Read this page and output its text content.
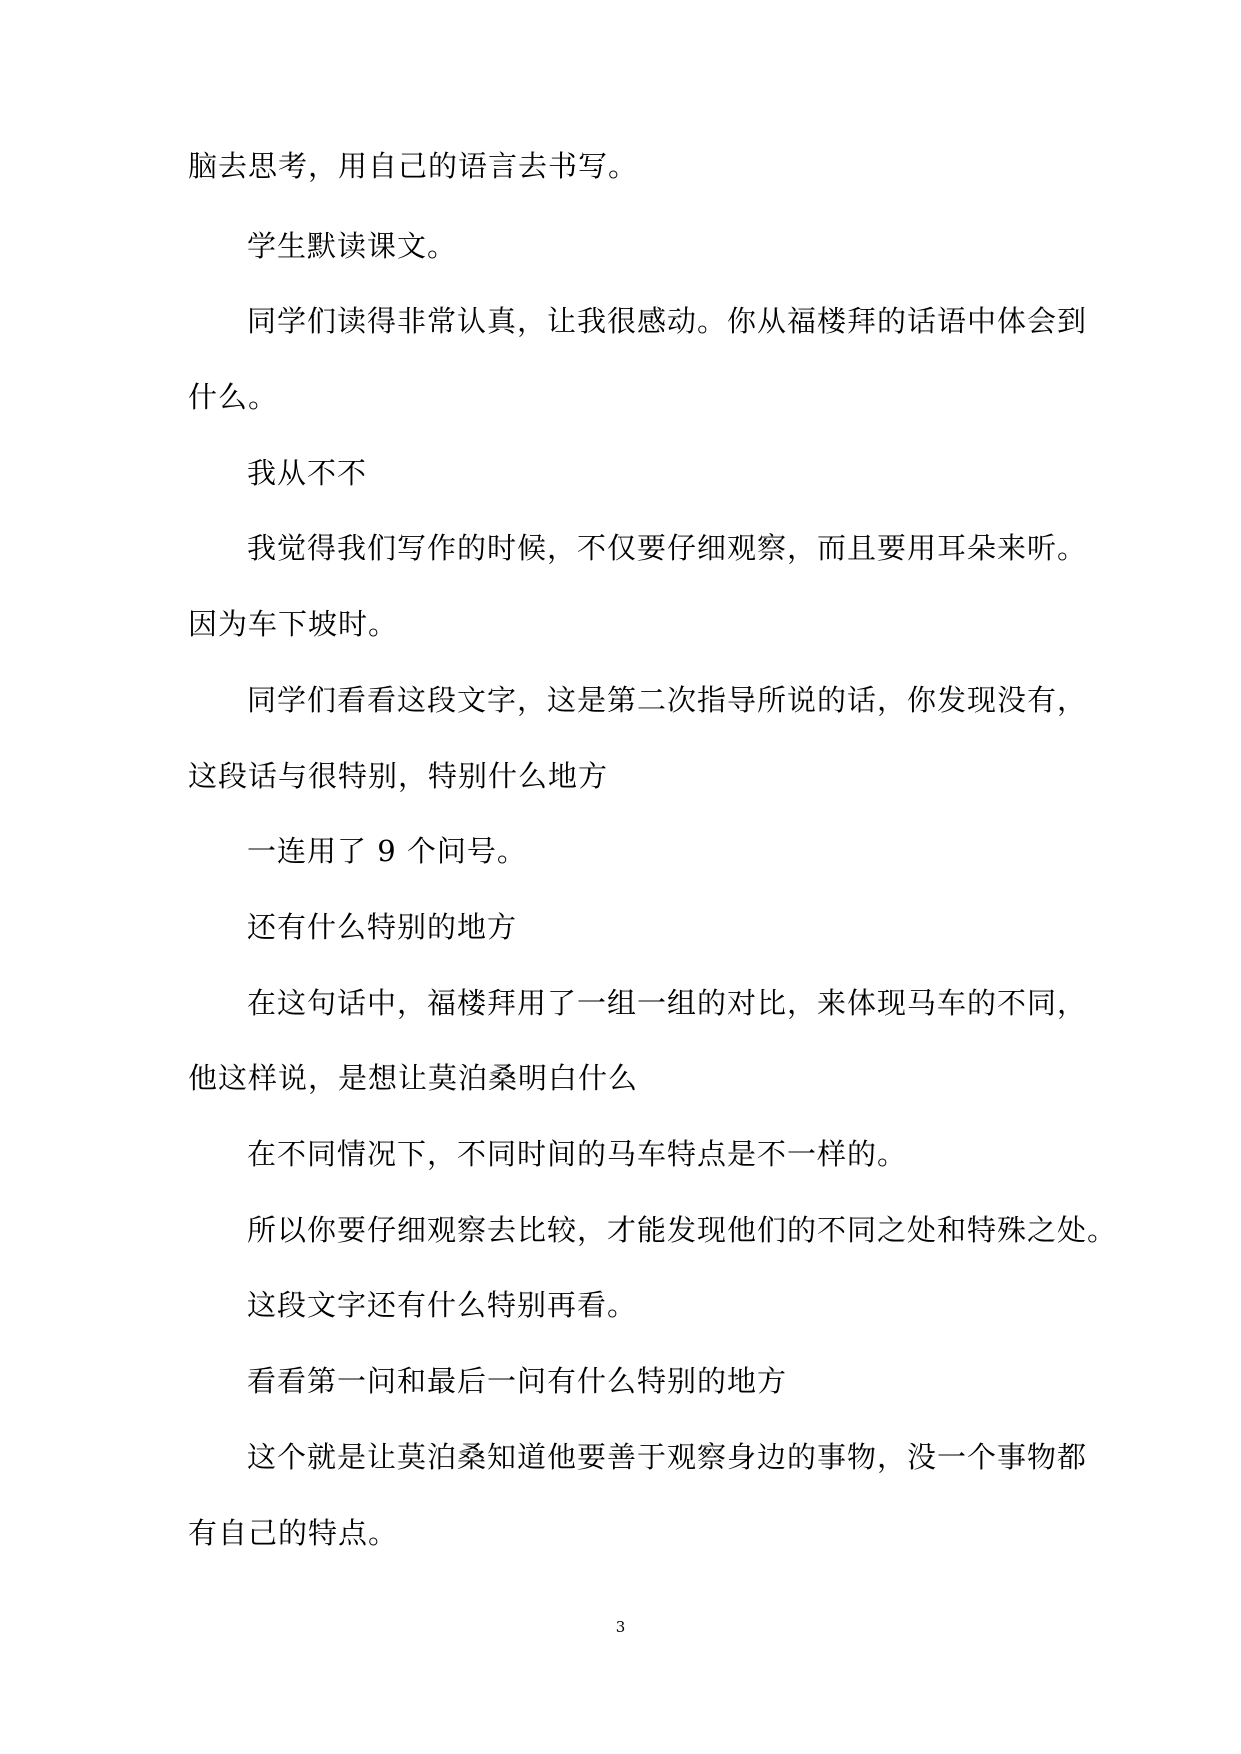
脑去思考，用自己的语言去书写。
学生默读课文。
同学们读得非常认真，让我很感动。你从福楼拜的话语中体会到
什么。
我从不不
我觉得我们写作的时候，不仅要仔细观察，而且要用耳朵来听。
因为车下坡时。
同学们看看这段文字，这是第二次指导所说的话，你发现没有，
这段话与很特别，特别什么地方
一连用了 9 个问号。
还有什么特别的地方
在这句话中，福楼拜用了一组一组的对比，来体现马车的不同，
他这样说，是想让莫泊桑明白什么
在不同情况下，不同时间的马车特点是不一样的。
所以你要仔细观察去比较，才能发现他们的不同之处和特殊之处。
这段文字还有什么特别再看。
看看第一问和最后一问有什么特别的地方
这个就是让莫泊桑知道他要善于观察身边的事物，没一个事物都
有自己的特点。
3
